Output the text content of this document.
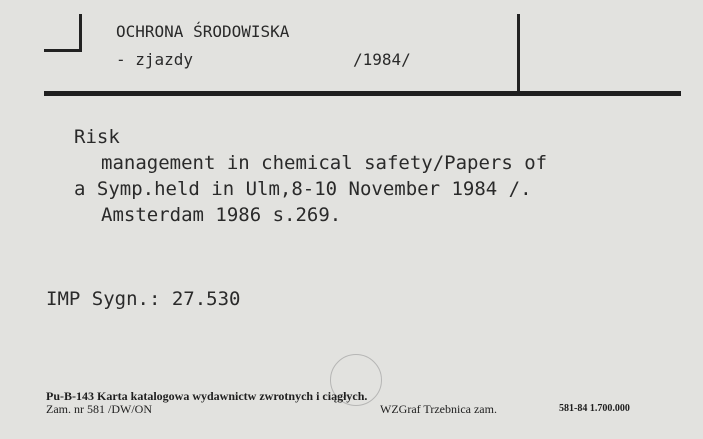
OCHRONA ŚRODOWISKA
- zjazdy	/1984/
Risk
management in chemical safety/Papers of
a Symp.held in Ulm,8-10 November 1984 /.
Amsterdam 1986 s.269.
IMP Sygn.: 27.530
Pu-B-143 Karta katalogowa wydawnictw zwrotnych i ciągłych.
Zam. nr 581 /DW/ON	WZGraf Trzebnica zam.	581-84 1.700.000
